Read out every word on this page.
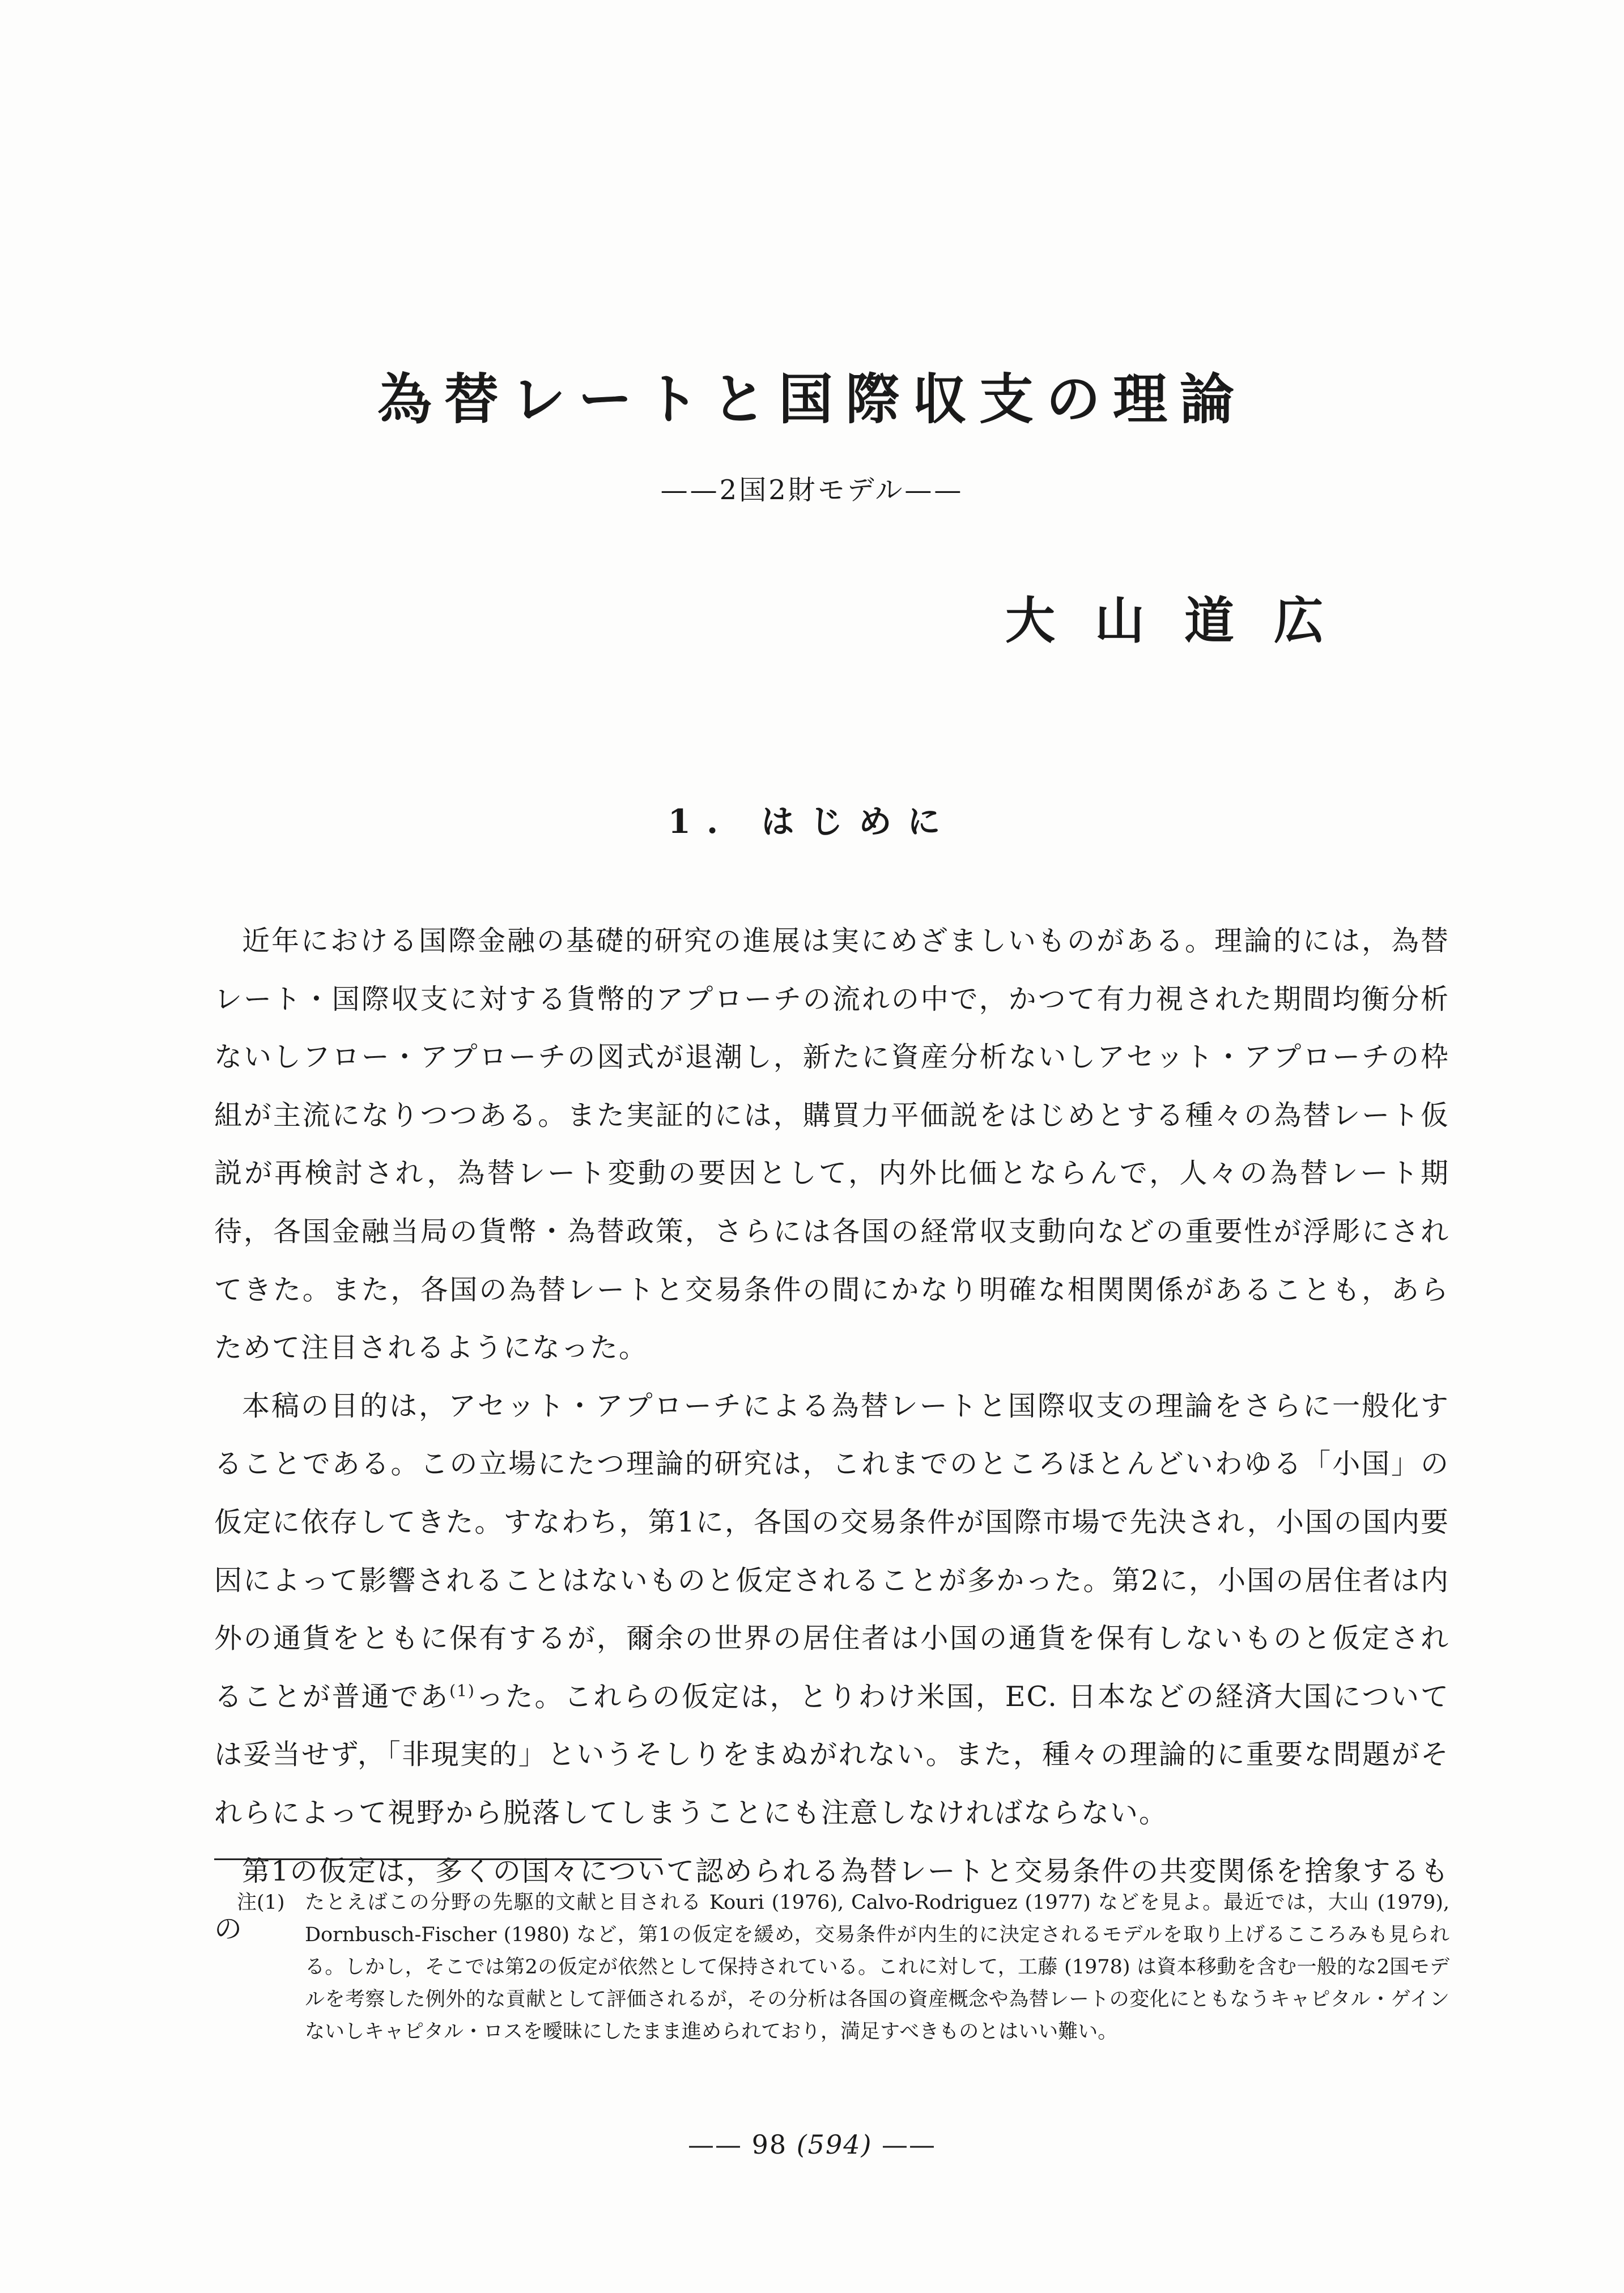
為替レートと国際収支の理論
——2国2財モデル——
大山道広
1. はじめに

近年における国際金融の基礎的研究の進展は実にめざましいものがある。理論的には，為替レート・国際収支に対する貨幣的アプローチの流れの中で，かつて有力視された期間均衡分析ないしフロー・アプローチの図式が退潮し，新たに資産分析ないしアセット・アプローチの枠組が主流になりつつある。また実証的には，購買力平価説をはじめとする種々の為替レート仮説が再検討され，為替レート変動の要因として，内外比価とならんで，人々の為替レート期待，各国金融当局の貨幣・為替政策，さらには各国の経常収支動向などの重要性が浮彫にされてきた。また，各国の為替レートと交易条件の間にかなり明確な相関関係があることも，あらためて注目されるようになった。

本稿の目的は，アセット・アプローチによる為替レートと国際収支の理論をさらに一般化することである。この立場にたつ理論的研究は，これまでのところほとんどいわゆる「小国」の仮定に依存してきた。すなわち，第1に，各国の交易条件が国際市場で先決され，小国の国内要因によって影響されることはないものと仮定されることが多かった。第2に，小国の居住者は内外の通貨をともに保有するが，爾余の世界の居住者は小国の通貨を保有しないものと仮定されることが普通であ$^{(1)}$った。これらの仮定は，とりわけ米国，EC. 日本などの経済大国については妥当せず，「非現実的」というそしりをまぬがれない。また，種々の理論的に重要な問題がそれらによって視野から脱落してしまうことにも注意しなければならない。

第1の仮定は，多くの国々について認められる為替レートと交易条件の共変関係を捨象するもの

注(1) たとえばこの分野の先駆的文献と目される Kouri (1976), Calvo-Rodriguez (1977) などを見よ。最近では，大山 (1979), Dornbusch-Fischer (1980) など，第1の仮定を緩め，交易条件が内生的に決定されるモデルを取り上げるこころみも見られる。しかし，そこでは第2の仮定が依然として保持されている。これに対して，工藤 (1978) は資本移動を含む一般的な2国モデルを考察した例外的な貢献として評価されるが，その分析は各国の資産概念や為替レートの変化にともなうキャピタル・ゲインないしキャピタル・ロスを曖昧にしたまま進められており，満足すべきものとはいい難い。
—— 98 (594) ——
